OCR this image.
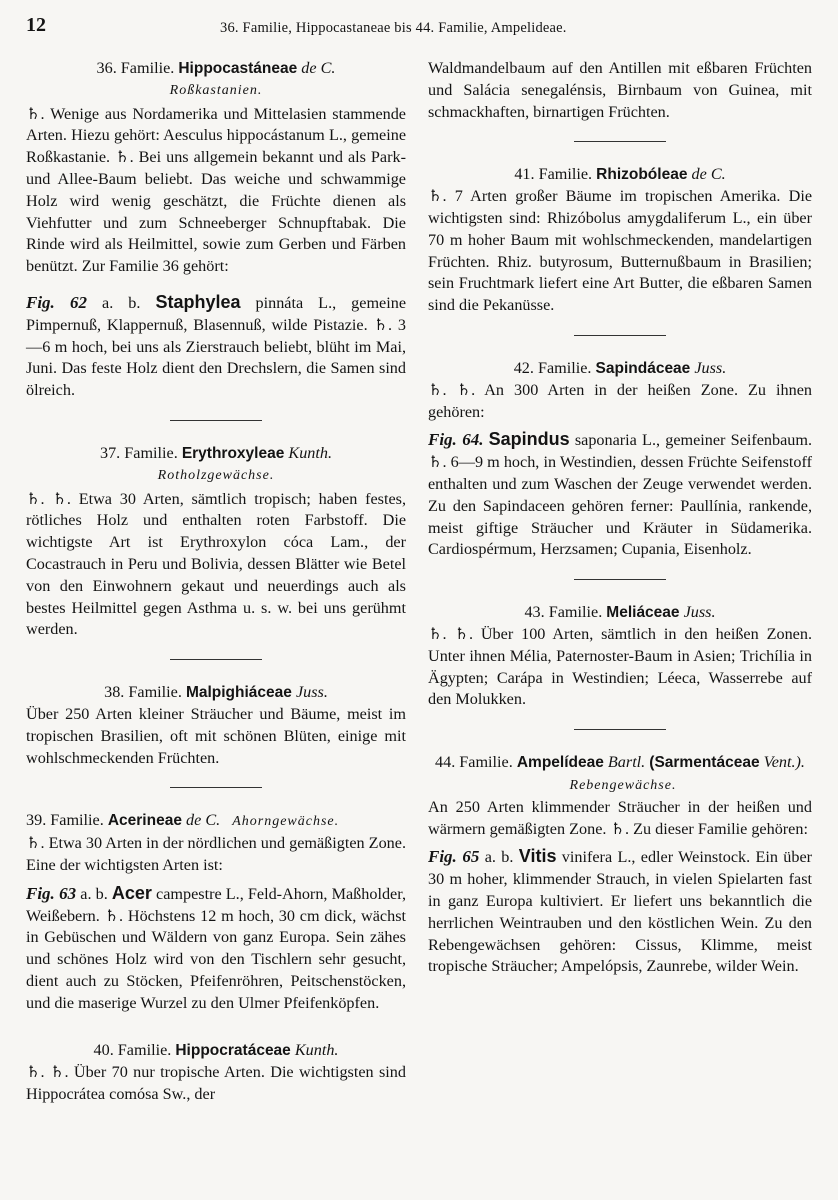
12	36. Familie, Hippocastaneae bis 44. Familie, Ampelideae.

36. Familie. Hippocastáneae de C.

Roßkastanien.

♄. Wenige aus Nordamerika und Mittelasien stammende Arten. Hiezu gehört: Aesculus hippocástanum L., gemeine Roßkastanie. ♄. Bei uns allgemein bekannt und als Park- und Allee-Baum beliebt. Das weiche und schwammige Holz wird wenig geschätzt, die Früchte dienen als Viehfutter und zum Schneeberger Schnupftabak. Die Rinde wird als Heilmittel, sowie zum Gerben und Färben benützt. Zur Familie 36 gehört:

Fig. 62 a. b. Staphylea pinnáta L., gemeine Pimpernuß, Klappernuß, Blasennuß, wilde Pistazie. ♄. 3—6 m hoch, bei uns als Zierstrauch beliebt, blüht im Mai, Juni. Das feste Holz dient den Drechslern, die Samen sind ölreich.

37. Familie. Erythroxyleae Kunth.

Rotholzgewächse.

♄. ♄. Etwa 30 Arten, sämtlich tropisch; haben festes, rötliches Holz und enthalten roten Farbstoff. Die wichtigste Art ist Erythroxylon cóca Lam., der Cocastrauch in Peru und Bolivia, dessen Blätter wie Betel von den Einwohnern gekaut und neuerdings auch als bestes Heilmittel gegen Asthma u. s. w. bei uns gerühmt werden.

38. Familie. Malpighiáceae Juss.

Über 250 Arten kleiner Sträucher und Bäume, meist im tropischen Brasilien, oft mit schönen Blüten, einige mit wohlschmeckenden Früchten.

39. Familie. Acerineae de C. Ahorngewächse.

♄. Etwa 30 Arten in der nördlichen und gemäßigten Zone. Eine der wichtigsten Arten ist:

Fig. 63 a. b. Acer campestre L., Feld-Ahorn, Maßholder, Weißebern. ♄. Höchstens 12 m hoch, 30 cm dick, wächst in Gebüschen und Wäldern von ganz Europa. Sein zähes und schönes Holz wird von den Tischlern sehr gesucht, dient auch zu Stöcken, Pfeifenröhren, Peitschenstöcken, und die maserige Wurzel zu den Ulmer Pfeifenköpfen.

40. Familie. Hippocratáceae Kunth.

♄. ♄. Über 70 nur tropische Arten. Die wichtigsten sind Hippocrátea comósa Sw., der

Waldmandelbaum auf den Antillen mit eßbaren Früchten und Salácia senegalénsis, Birnbaum von Guinea, mit schmackhaften, birnartigen Früchten.

41. Familie. Rhizobóleae de C.

♄. 7 Arten großer Bäume im tropischen Amerika. Die wichtigsten sind: Rhizóbolus amygdaliferum L., ein über 70 m hoher Baum mit wohlschmeckenden, mandelartigen Früchten. Rhiz. butyrosum, Butternußbaum in Brasilien; sein Fruchtmark liefert eine Art Butter, die eßbaren Samen sind die Pekanüsse.

42. Familie. Sapindáceae Juss.

♄. ♄. An 300 Arten in der heißen Zone. Zu ihnen gehören:

Fig. 64. Sapindus saponaria L., gemeiner Seifenbaum. ♄. 6—9 m hoch, in Westindien, dessen Früchte Seifenstoff enthalten und zum Waschen der Zeuge verwendet werden. Zu den Sapindaceen gehören ferner: Paullínia, rankende, meist giftige Sträucher und Kräuter in Südamerika. Cardiospérmum, Herzsamen; Cupania, Eisenholz.

43. Familie. Meliáceae Juss.

♄. ♄. Über 100 Arten, sämtlich in den heißen Zonen. Unter ihnen Mélia, Paternoster-Baum in Asien; Trichília in Ägypten; Carápa in Westindien; Léeca, Wasserrebe auf den Molukken.

44. Familie. Ampelídeae Bartl. (Sarmentáceae Vent.). Rebengewächse.

An 250 Arten klimmender Sträucher in der heißen und wärmern gemäßigten Zone. ♄. Zu dieser Familie gehören:

Fig. 65 a. b. Vitis vinifera L., edler Weinstock. Ein über 30 m hoher, klimmender Strauch, in vielen Spielarten fast in ganz Europa kultiviert. Er liefert uns bekanntlich die herrlichen Weintrauben und den köstlichen Wein. Zu den Rebengewächsen gehören: Cissus, Klimme, meist tropische Sträucher; Ampelópsis, Zaunrebe, wilder Wein.
